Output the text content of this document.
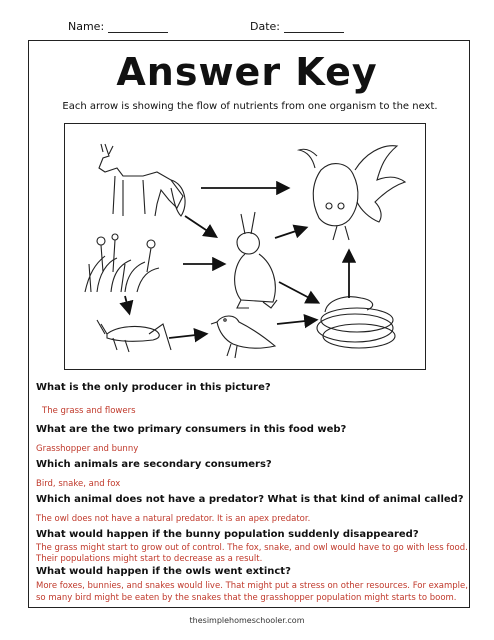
Name:	Date:
Answer Key
Each arrow is showing the flow of nutrients from one organism to the next.
What is the only producer in this picture?
The grass and flowers
What are the two primary consumers in this food web?
Grasshopper and bunny
Which animals are secondary consumers?
Bird, snake, and fox
Which animal does not have a predator? What is that kind of animal called?
The owl does not have a natural predator. It is an apex predator.
What would happen if the bunny population suddenly disappeared?
The grass might start to grow out of control. The fox, snake, and owl would have to go with less food.
Their populations might start to decrease as a result.
What would happen if the owls went extinct?
More foxes, bunnies, and snakes would live. That might put a stress on other resources. For example,
so many bird might be eaten by the snakes that the grasshopper population might starts to boom.
thesimplehomeschooler.com
